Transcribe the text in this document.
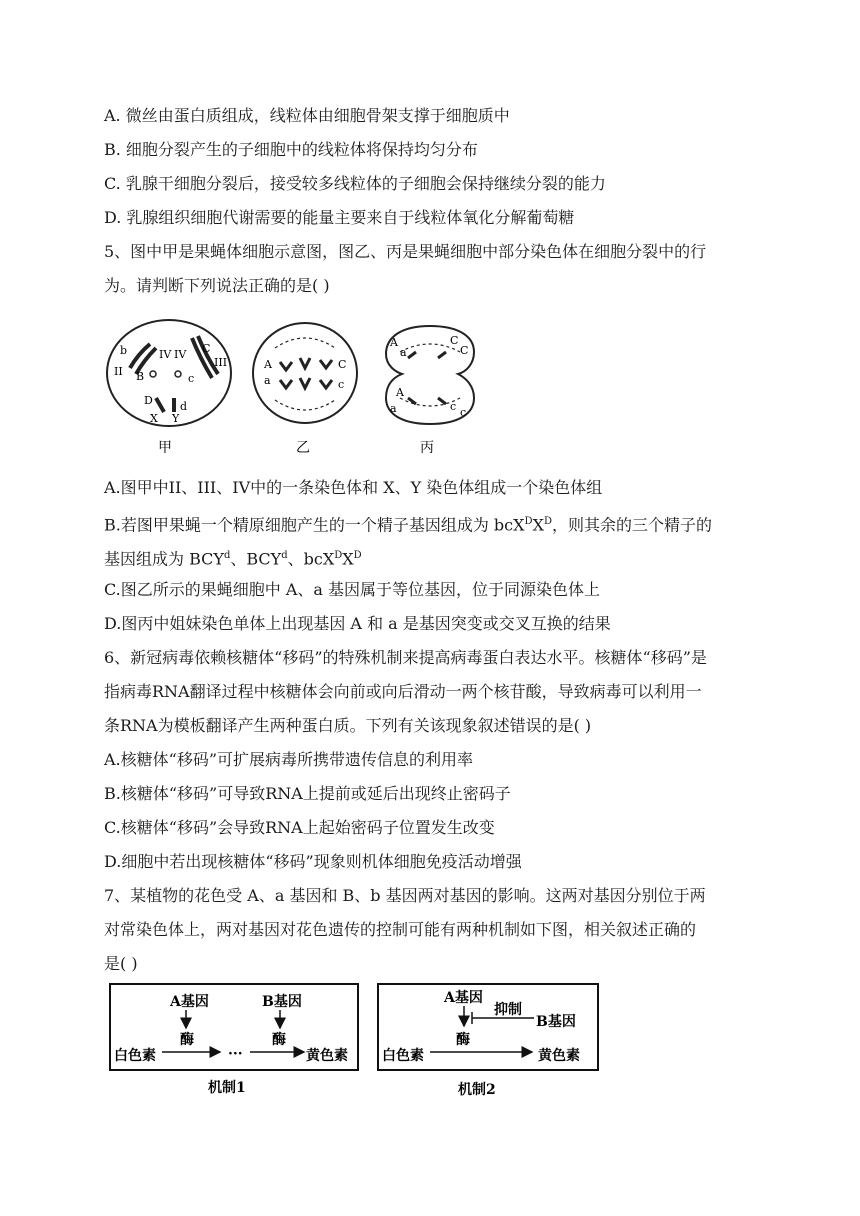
A. 微丝由蛋白质组成，线粒体由细胞骨架支撑于细胞质中
B. 细胞分裂产生的子细胞中的线粒体将保持均匀分布
C. 乳腺干细胞分裂后，接受较多线粒体的子细胞会保持继续分裂的能力
D. 乳腺组织细胞代谢需要的能量主要来自于线粒体氧化分解葡萄糖
5、图中甲是果蝇体细胞示意图，图乙、丙是果蝇细胞中部分染色体在细胞分裂中的行
为。请判断下列说法正确的是( )
b
II B
IV IV C
III
c
D d
X Y
甲
A
a
C
c
乙
A
a
C
C
A
a	c c
丙
A.图甲中II、III、IV中的一条染色体和 X、Y 染色体组成一个染色体组
B.若图甲果蝇一个精原细胞产生的一个精子基因组成为 $bcX^DX^D$，则其余的三个精子的
基因组成为 BCY$^d$、BCY$^d$、$bcX^DX^D$
C.图乙所示的果蝇细胞中 A、a 基因属于等位基因，位于同源染色体上
D.图丙中姐妹染色单体上出现基因 A 和 a 是基因突变或交叉互换的结果
6、新冠病毒依赖核糖体“移码”的特殊机制来提高病毒蛋白表达水平。核糖体“移码”是
指病毒RNA翻译过程中核糖体会向前或向后滑动一两个核苷酸，导致病毒可以利用一
条RNA为模板翻译产生两种蛋白质。下列有关该现象叙述错误的是( )
A.核糖体“移码”可扩展病毒所携带遗传信息的利用率
B.核糖体“移码”可导致RNA上提前或延后出现终止密码子
C.核糖体“移码”会导致RNA上起始密码子位置发生改变
D.细胞中若出现核糖体“移码”现象则机体细胞免疫活动增强
7、某植物的花色受 A、a 基因和 B、b 基因两对基因的影响。这两对基因分别位于两
对常染色体上，两对基因对花色遗传的控制可能有两种机制如下图，相关叙述正确的
是( )
A基因
酶
B基因
酶
白色素	···	黄色素
机制1
A基因
抑制
B基因
酶
白色素	黄色素
机制2
